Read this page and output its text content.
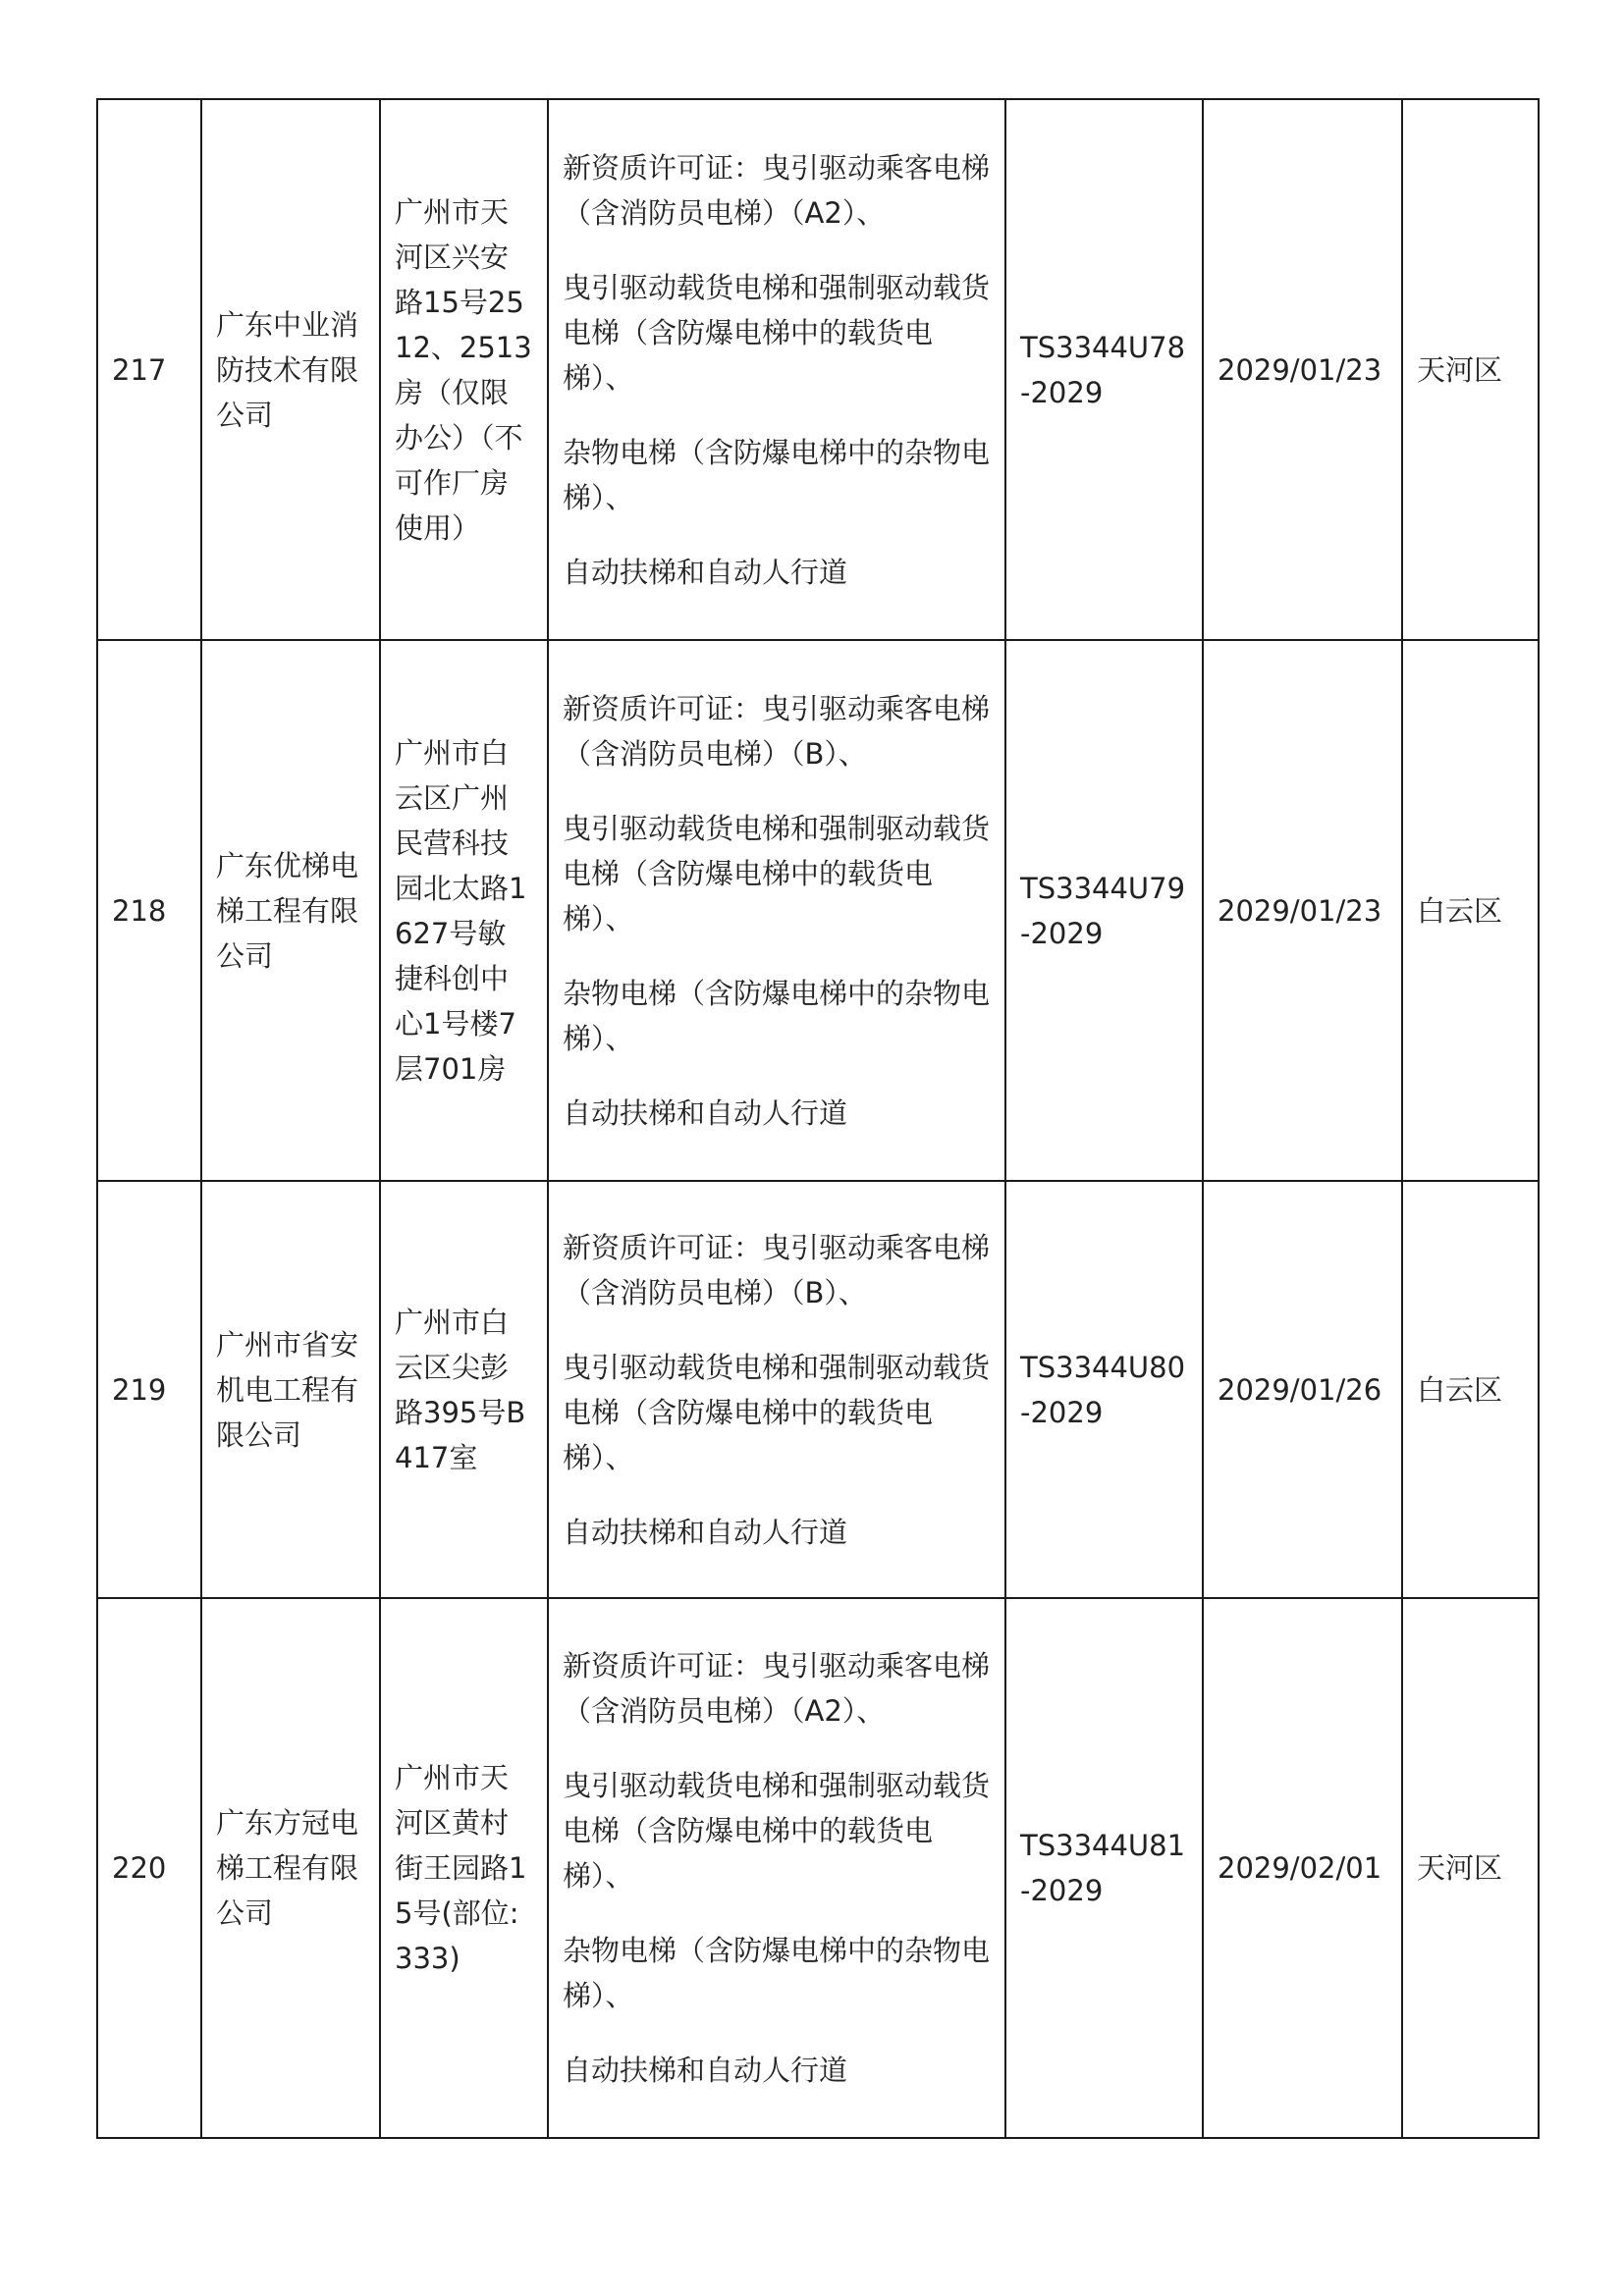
217	广东中业消防技术有限公司	广州市天河区兴安路15号2512、2513房（仅限办公）（不可作厂房使用）	新资质许可证：曳引驱动乘客电梯（含消防员电梯）（A2）、

曳引驱动载货电梯和强制驱动载货电梯（含防爆电梯中的载货电梯）、

杂物电梯（含防爆电梯中的杂物电梯）、

自动扶梯和自动人行道	TS3344U78-2029	2029/01/23	天河区
218	广东优梯电梯工程有限公司	广州市白云区广州民营科技园北太路1627号敏捷科创中心1号楼7层701房	新资质许可证：曳引驱动乘客电梯（含消防员电梯）（B）、

曳引驱动载货电梯和强制驱动载货电梯（含防爆电梯中的载货电梯）、

杂物电梯（含防爆电梯中的杂物电梯）、

自动扶梯和自动人行道	TS3344U79-2029	2029/01/23	白云区
219	广州市省安机电工程有限公司	广州市白云区尖彭路395号B417室	新资质许可证：曳引驱动乘客电梯（含消防员电梯）（B）、

曳引驱动载货电梯和强制驱动载货电梯（含防爆电梯中的载货电梯）、

自动扶梯和自动人行道	TS3344U80-2029	2029/01/26	白云区
220	广东方冠电梯工程有限公司	广州市天河区黄村街王园路15号(部位:333)	新资质许可证：曳引驱动乘客电梯（含消防员电梯）（A2）、

曳引驱动载货电梯和强制驱动载货电梯（含防爆电梯中的载货电梯）、

杂物电梯（含防爆电梯中的杂物电梯）、

自动扶梯和自动人行道	TS3344U81-2029	2029/02/01	天河区
